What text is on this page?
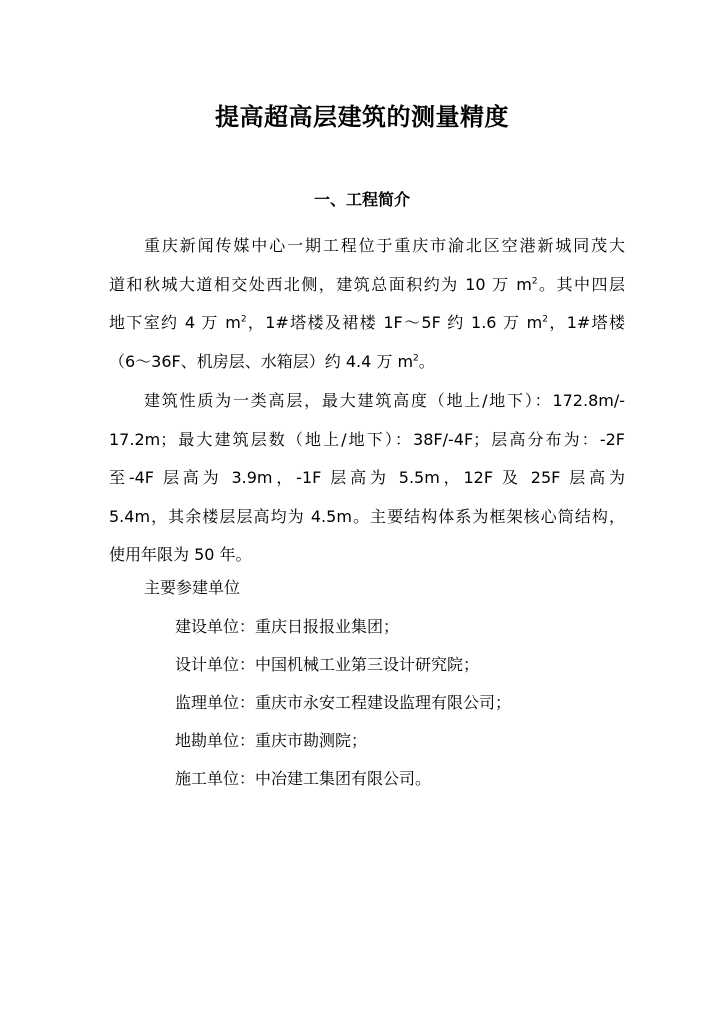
提高超高层建筑的测量精度
一、工程简介
重庆新闻传媒中心一期工程位于重庆市渝北区空港新城同茂大
道和秋城大道相交处西北侧，建筑总面积约为 10 万 $m^2$。其中四层
地下室约 4 万 $m^2$，1#塔楼及裙楼 1F～5F 约 1.6 万 $m^2$，1#塔楼
（6～36F、机房层、水箱层）约 4.4 万 $m^2$。
建筑性质为一类高层，最大建筑高度（地上/地下）：172.8m/-
17.2m；最大建筑层数（地上/地下）：38F/-4F；层高分布为：-2F
至-4F 层高为 3.9m，-1F 层高为 5.5m，12F 及 25F 层高为
5.4m，其余楼层层高均为 4.5m。主要结构体系为框架核心筒结构，
使用年限为 50 年。

主要参建单位

建设单位：重庆日报报业集团；

设计单位：中国机械工业第三设计研究院；

监理单位：重庆市永安工程建设监理有限公司；

地勘单位：重庆市勘测院；

施工单位：中冶建工集团有限公司。
